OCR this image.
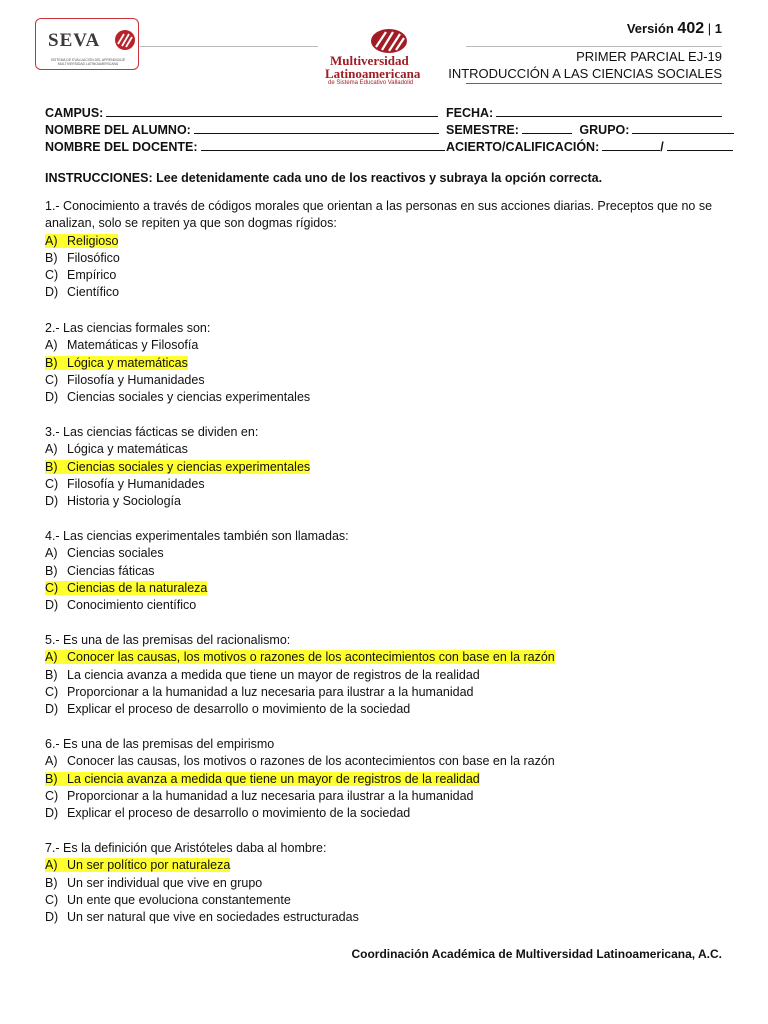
SEVA
SISTEMA DE EVALUACIÓN DEL APRENDIZAJE MULTIVERSIDAD LATINOAMERICANA	Multiversidad
Latinoamericana
de Sistema Educativo Valladolid
Versión 402 | 1
PRIMER PARCIAL EJ-19
INTRODUCCIÓN A LAS CIENCIAS SOCIALES
CAMPUS:	FECHA:
NOMBRE DEL ALUMNO:	SEMESTRE:	GRUPO:
NOMBRE DEL DOCENTE:	ACIERTO/CALIFICACIÓN:	/
INSTRUCCIONES: Lee detenidamente cada uno de los reactivos y subraya la opción correcta.
1.- Conocimiento a través de códigos morales que orientan a las personas en sus acciones diarias. Preceptos que no se analizan, solo se repiten ya que son dogmas rígidos:
A) Religioso
B) Filosófico
C) Empírico
D) Científico
2.- Las ciencias formales son:
A) Matemáticas y Filosofía
B) Lógica y matemáticas
C) Filosofía y Humanidades
D) Ciencias sociales y ciencias experimentales
3.- Las ciencias fácticas se dividen en:
A) Lógica y matemáticas
B) Ciencias sociales y ciencias experimentales
C) Filosofía y Humanidades
D) Historia y Sociología
4.- Las ciencias experimentales también son llamadas:
A) Ciencias sociales
B) Ciencias fáticas
C) Ciencias de la naturaleza
D) Conocimiento científico
5.- Es una de las premisas del racionalismo:
A) Conocer las causas, los motivos o razones de los acontecimientos con base en la razón
B) La ciencia avanza a medida que tiene un mayor de registros de la realidad
C) Proporcionar a la humanidad a luz necesaria para ilustrar a la humanidad
D) Explicar el proceso de desarrollo o movimiento de la sociedad
6.- Es una de las premisas del empirismo
A) Conocer las causas, los motivos o razones de los acontecimientos con base en la razón
B) La ciencia avanza a medida que tiene un mayor de registros de la realidad
C) Proporcionar a la humanidad a luz necesaria para ilustrar a la humanidad
D) Explicar el proceso de desarrollo o movimiento de la sociedad
7.- Es la definición que Aristóteles daba al hombre:
A) Un ser político por naturaleza
B) Un ser individual que vive en grupo
C) Un ente que evoluciona constantemente
D) Un ser natural que vive en sociedades estructuradas
Coordinación Académica de Multiversidad Latinoamericana, A.C.
